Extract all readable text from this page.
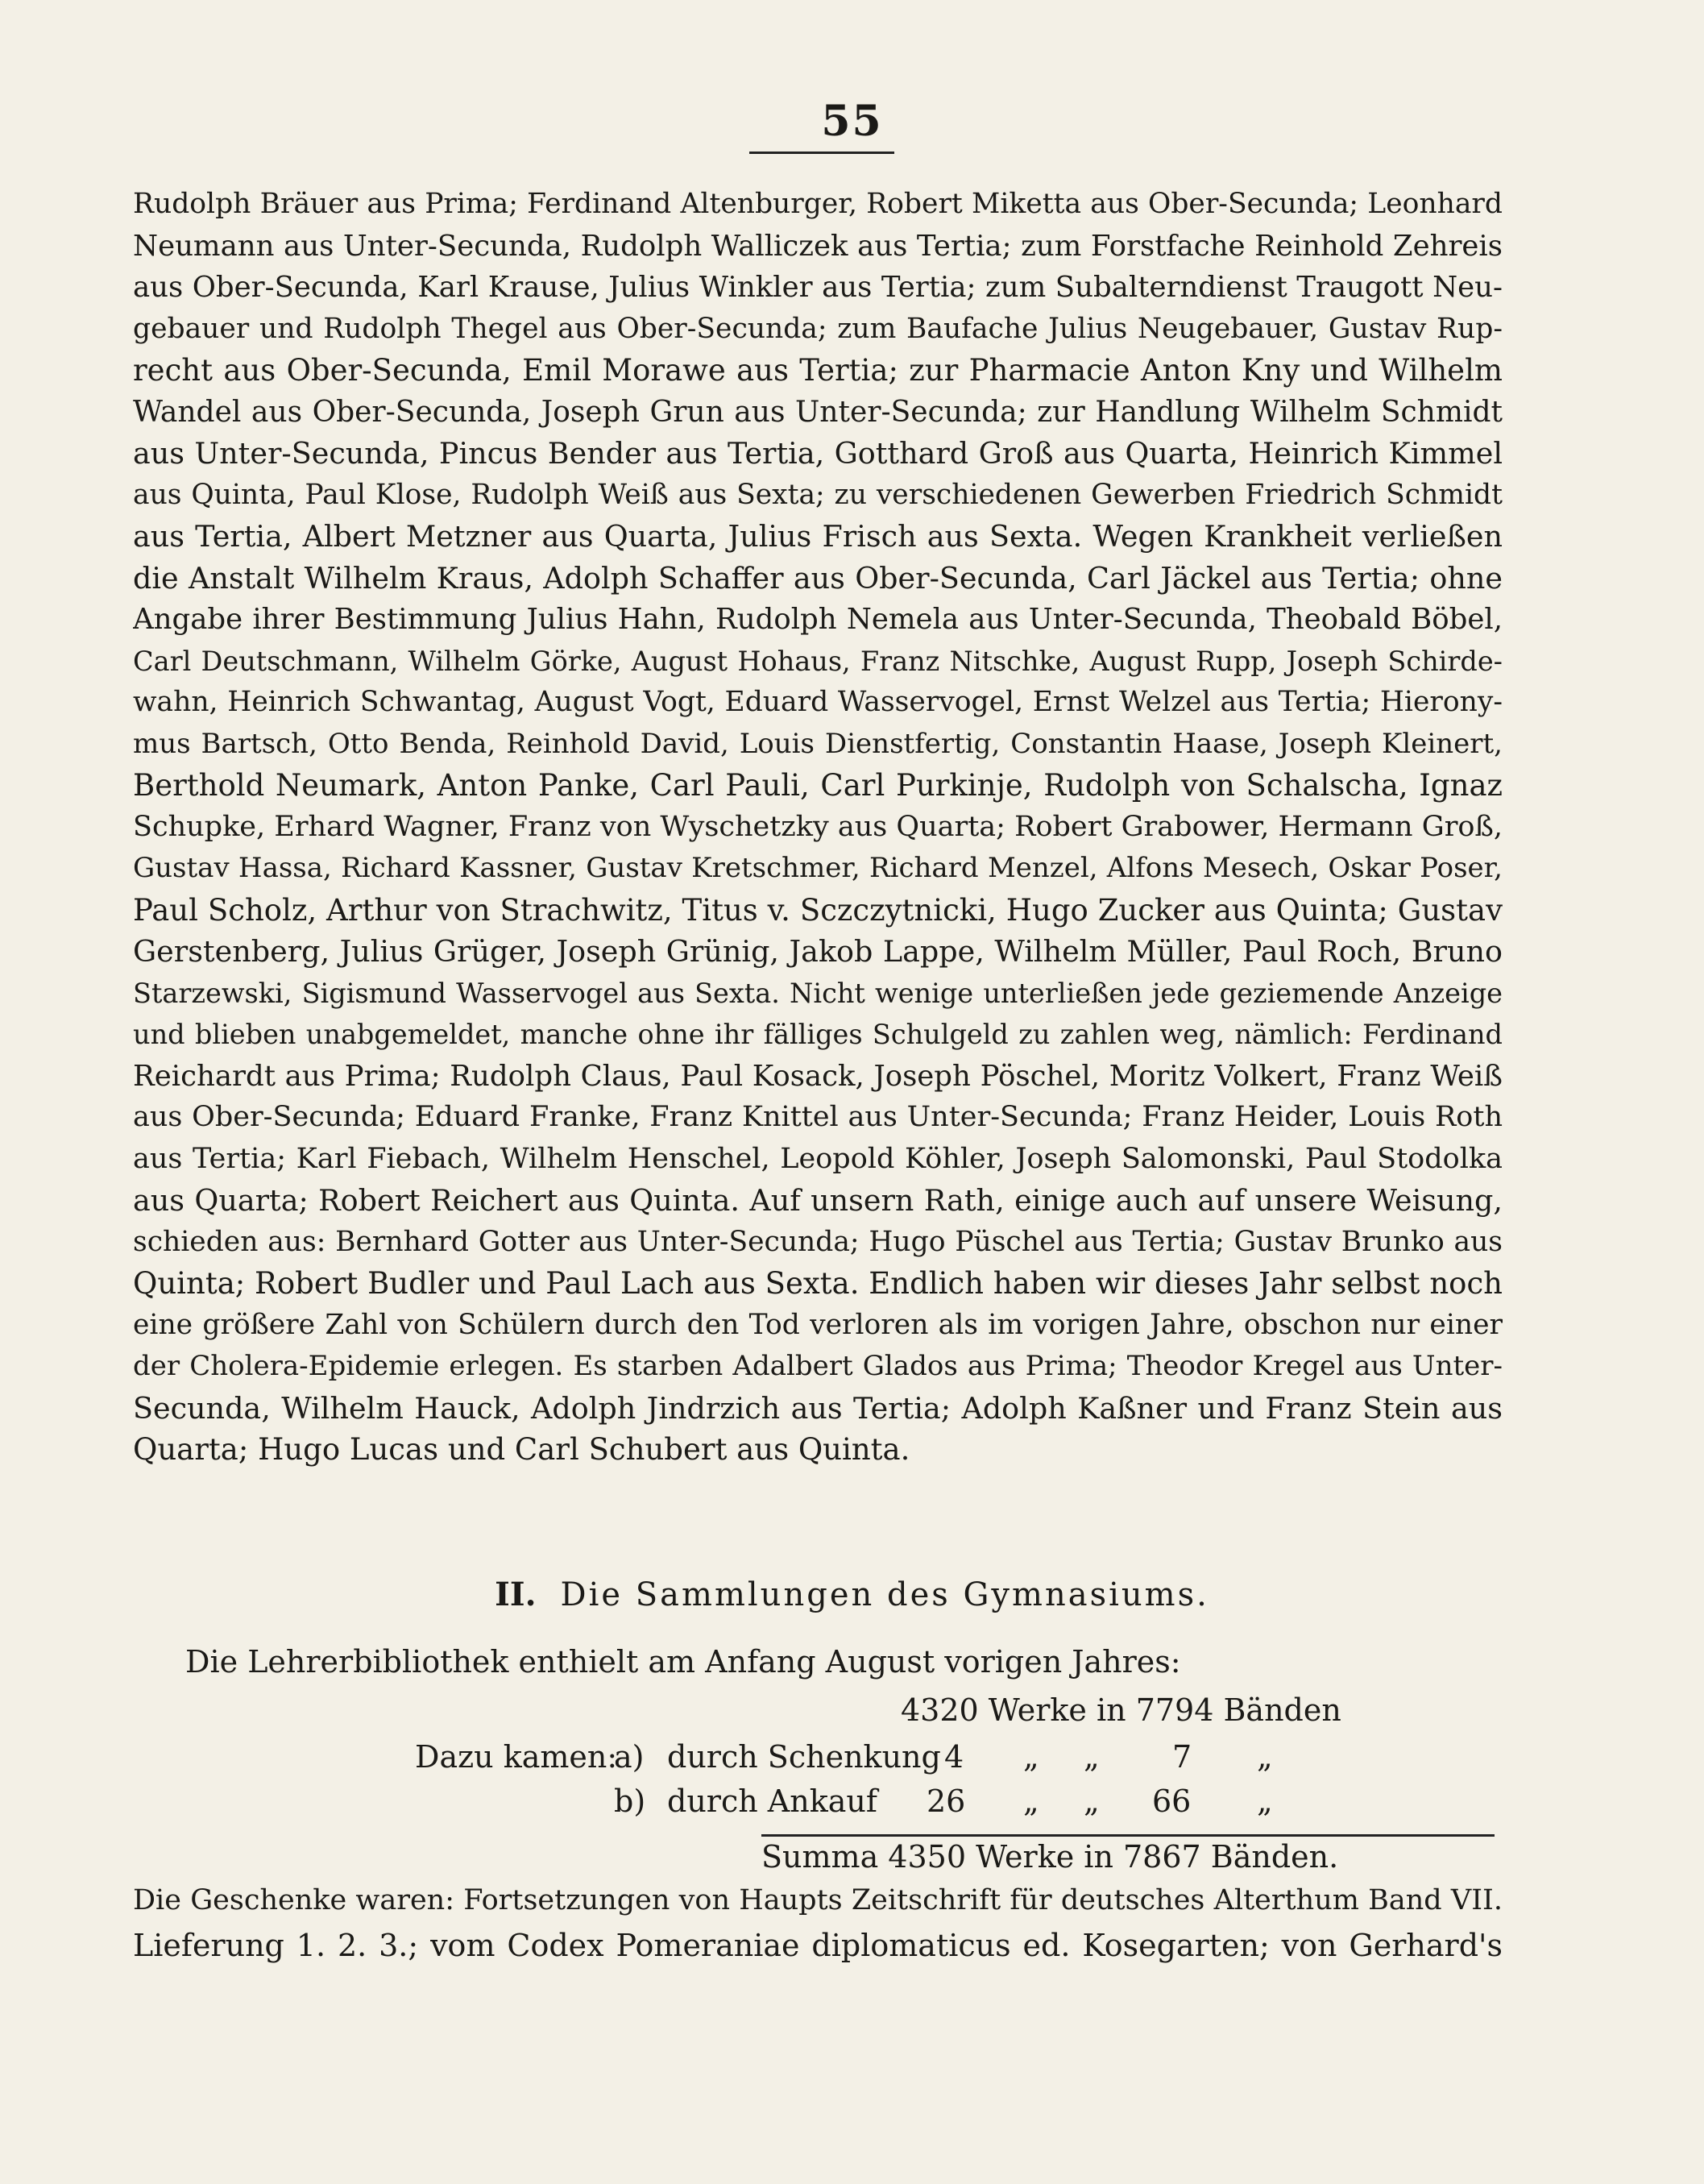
55
Rudolph Bräuer aus Prima; Ferdinand Altenburger, Robert Miketta aus Ober-Secunda; Leonhard
Neumann aus Unter-Secunda, Rudolph Walliczek aus Tertia; zum Forstfache Reinhold Zehreis
aus Ober-Secunda, Karl Krause, Julius Winkler aus Tertia; zum Subalterndienst Traugott Neu-
gebauer und Rudolph Thegel aus Ober-Secunda; zum Baufache Julius Neugebauer, Gustav Rup-
recht aus Ober-Secunda, Emil Morawe aus Tertia; zur Pharmacie Anton Kny und Wilhelm
Wandel aus Ober-Secunda, Joseph Grun aus Unter-Secunda; zur Handlung Wilhelm Schmidt
aus Unter-Secunda, Pincus Bender aus Tertia, Gotthard Groß aus Quarta, Heinrich Kimmel
aus Quinta, Paul Klose, Rudolph Weiß aus Sexta; zu verschiedenen Gewerben Friedrich Schmidt
aus Tertia, Albert Metzner aus Quarta, Julius Frisch aus Sexta. Wegen Krankheit verließen
die Anstalt Wilhelm Kraus, Adolph Schaffer aus Ober-Secunda, Carl Jäckel aus Tertia; ohne
Angabe ihrer Bestimmung Julius Hahn, Rudolph Nemela aus Unter-Secunda, Theobald Böbel,
Carl Deutschmann, Wilhelm Görke, August Hohaus, Franz Nitschke, August Rupp, Joseph Schirde-
wahn, Heinrich Schwantag, August Vogt, Eduard Wasservogel, Ernst Welzel aus Tertia; Hierony-
mus Bartsch, Otto Benda, Reinhold David, Louis Dienstfertig, Constantin Haase, Joseph Kleinert,
Berthold Neumark, Anton Panke, Carl Pauli, Carl Purkinje, Rudolph von Schalscha, Ignaz
Schupke, Erhard Wagner, Franz von Wyschetzky aus Quarta; Robert Grabower, Hermann Groß,
Gustav Hassa, Richard Kassner, Gustav Kretschmer, Richard Menzel, Alfons Mesech, Oskar Poser,
Paul Scholz, Arthur von Strachwitz, Titus v. Sczczytnicki, Hugo Zucker aus Quinta; Gustav
Gerstenberg, Julius Grüger, Joseph Grünig, Jakob Lappe, Wilhelm Müller, Paul Roch, Bruno
Starzewski, Sigismund Wasservogel aus Sexta. Nicht wenige unterließen jede geziemende Anzeige
und blieben unabgemeldet, manche ohne ihr fälliges Schulgeld zu zahlen weg, nämlich: Ferdinand
Reichardt aus Prima; Rudolph Claus, Paul Kosack, Joseph Pöschel, Moritz Volkert, Franz Weiß
aus Ober-Secunda; Eduard Franke, Franz Knittel aus Unter-Secunda; Franz Heider, Louis Roth
aus Tertia; Karl Fiebach, Wilhelm Henschel, Leopold Köhler, Joseph Salomonski, Paul Stodolka
aus Quarta; Robert Reichert aus Quinta. Auf unsern Rath, einige auch auf unsere Weisung,
schieden aus: Bernhard Gotter aus Unter-Secunda; Hugo Püschel aus Tertia; Gustav Brunko aus
Quinta; Robert Budler und Paul Lach aus Sexta. Endlich haben wir dieses Jahr selbst noch
eine größere Zahl von Schülern durch den Tod verloren als im vorigen Jahre, obschon nur einer
der Cholera-Epidemie erlegen. Es starben Adalbert Glados aus Prima; Theodor Kregel aus Unter-
Secunda, Wilhelm Hauck, Adolph Jindrzich aus Tertia; Adolph Kaßner und Franz Stein aus
Quarta; Hugo Lucas und Carl Schubert aus Quinta.
II. Die Sammlungen des Gymnasiums.
Die Lehrerbibliothek enthielt am Anfang August vorigen Jahres:
4320 Werke in 7794 Bänden
Dazu kamen:
a) durch Schenkung 4 „ „ 7 „
b) durch Ankauf 26 „ „ 66 „
Summa 4350 Werke in 7867 Bänden.
Die Geschenke waren: Fortsetzungen von Haupts Zeitschrift für deutsches Alterthum Band VII.
Lieferung 1. 2. 3.; vom Codex Pomeraniae diplomaticus ed. Kosegarten; von Gerhard's
